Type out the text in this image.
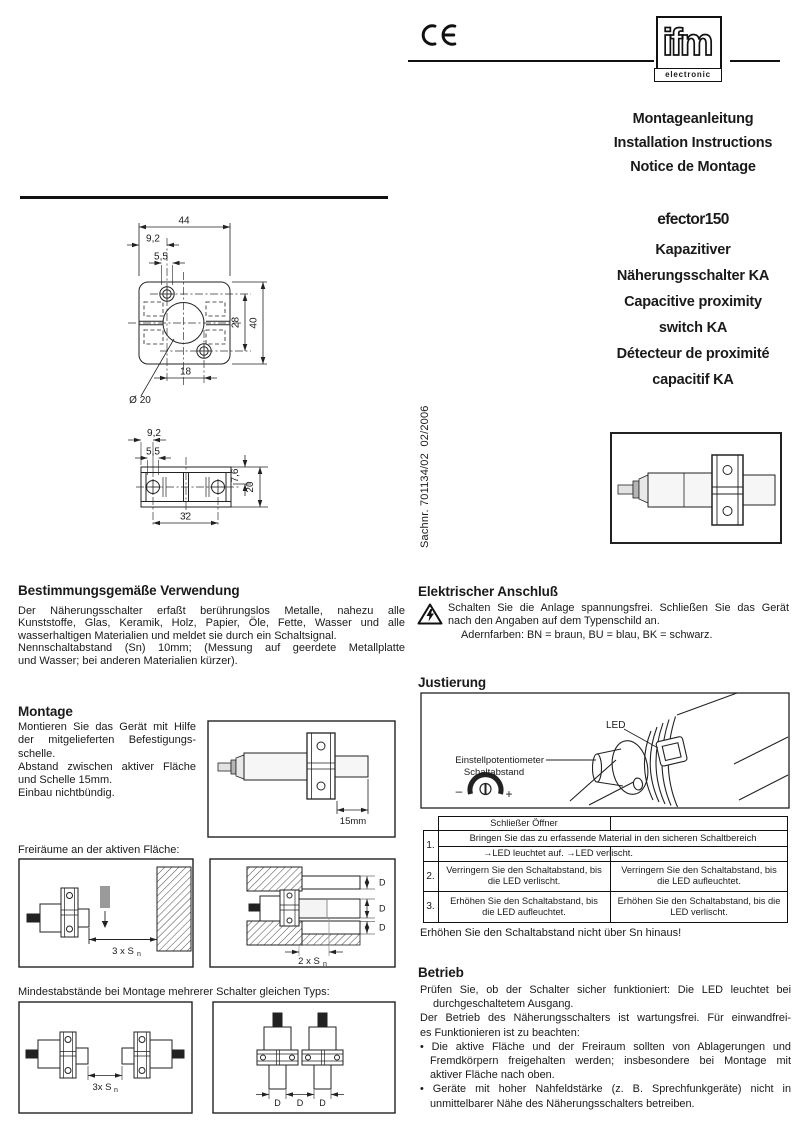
ifm
electronic
Montageanleitung
Installation Instructions
Notice de Montage
efector150
Kapazitiver
Näherungsschalter KA
Capacitive proximity
switch KA
Détecteur de proximité
capacitif KA
Sachnr. 701134/02  02/2006
44
9,2
5,5
28 40
18
Ø 20
9,2
5,5
7,6
20
32
Bestimmungsgemäße Verwendung
Der Näherungsschalter erfaßt berührungslos Metalle, nahezu alle
Kunststoffe, Glas, Keramik, Holz, Papier, Öle, Fette, Wasser und alle
wasserhaltigen Materialien und meldet sie durch ein Schaltsignal.
Nennschaltabstand (Sn) 10mm; (Messung auf geerdete Metallplatte
und Wasser; bei anderen Materialien kürzer).
Montage
Montieren Sie das Gerät mit Hilfe
der mitgelieferten Befestigungs-
schelle.
Abstand zwischen aktiver Fläche
und Schelle 15mm.
Einbau nichtbündig.
15mm
Freiräume an der aktiven Fläche:
3 x S n
D
D
D
2 x S n
Mindestabstände bei Montage mehrerer Schalter gleichen Typs:
3x S n
D D D
Elektrischer Anschluß
Schalten Sie die Anlage spannungsfrei. Schließen Sie das Gerät
nach den Angaben auf dem Typenschild an.
Adernfarben: BN = braun, BU = blau, BK = schwarz.
Justierung
LED
Einstellpotentiometer
Schaltabstand
–	+
1.
2.
3.
Schließer Öffner
Bringen Sie das zu erfassende Material in den sicheren Schaltbereich
→LED leuchtet auf. →LED verlischt.
Verringern Sie den Schaltabstand, bis die LED verlischt.
Verringern Sie den Schaltabstand, bis die LED aufleuchtet.
Erhöhen Sie den Schaltabstand, bis die LED aufleuchtet.
Erhöhen Sie den Schaltabstand, bis die LED verlischt.
Erhöhen Sie den Schaltabstand nicht über Sn hinaus!
Betrieb
Prüfen Sie, ob der Schalter sicher funktioniert: Die LED leuchtet bei
durchgeschaltetem Ausgang.
Der Betrieb des Näherungsschalters ist wartungsfrei. Für einwandfrei-
es Funktionieren ist zu beachten:
• Die aktive Fläche und der Freiraum sollten von Ablagerungen und
Fremdkörpern freigehalten werden; insbesondere bei Montage mit
aktiver Fläche nach oben.
• Geräte mit hoher Nahfeldstärke (z. B. Sprechfunkgeräte) nicht in
unmittelbarer Nähe des Näherungsschalters betreiben.
